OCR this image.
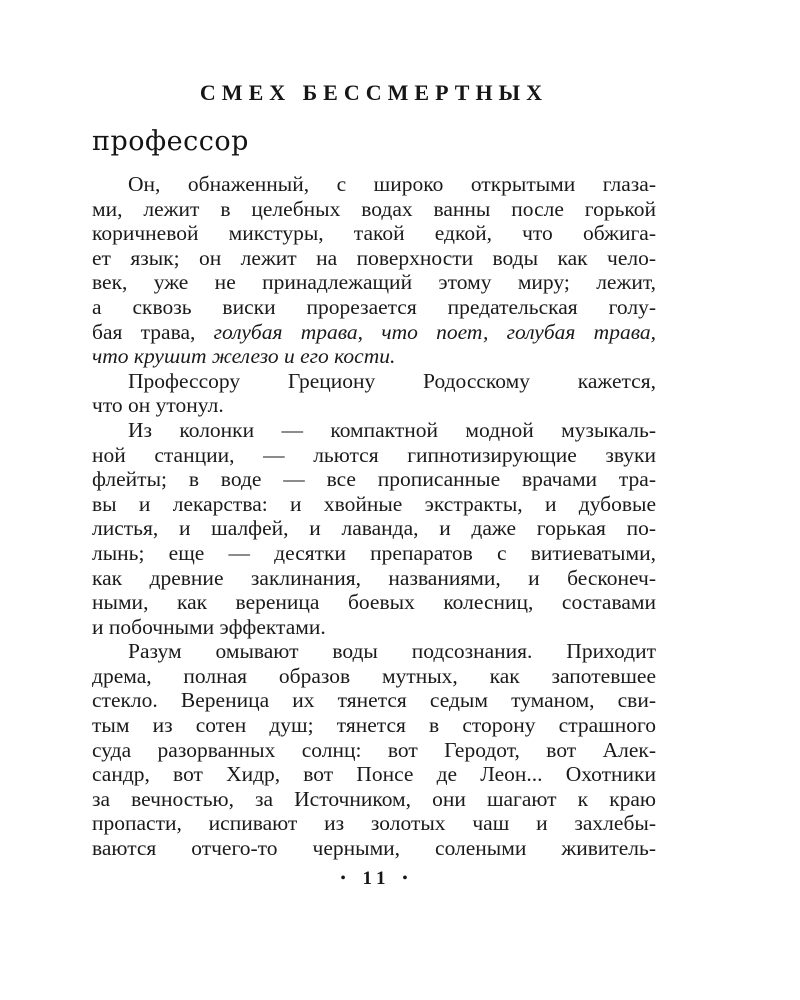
СМЕХ БЕССМЕРТНЫХ
профессор
Он, обнаженный, с широко открытыми глаза-
ми, лежит в целебных водах ванны после горькой
коричневой микстуры, такой едкой, что обжига-
ет язык; он лежит на поверхности воды как чело-
век, уже не принадлежащий этому миру; лежит,
а сквозь виски прорезается предательская голу-
бая трава, голубая трава, что поет, голубая трава,
что крушит железо и его кости.
Профессору Грециону Родосскому кажется,
что он утонул.
Из колонки — компактной модной музыкаль-
ной станции, — льются гипнотизирующие звуки
флейты; в воде — все прописанные врачами тра-
вы и лекарства: и хвойные экстракты, и дубовые
листья, и шалфей, и лаванда, и даже горькая по-
лынь; еще — десятки препаратов с витиеватыми,
как древние заклинания, названиями, и бесконеч-
ными, как вереница боевых колесниц, составами
и побочными эффектами.
Разум омывают воды подсознания. Приходит
дрема, полная образов мутных, как запотевшее
стекло. Вереница их тянется седым туманом, сви-
тым из сотен душ; тянется в сторону страшного
суда разорванных солнц: вот Геродот, вот Алек-
сандр, вот Хидр, вот Понсе де Леон... Охотники
за вечностью, за Источником, они шагают к краю
пропасти, испивают из золотых чаш и захлебы-
ваются отчего-то черными, солеными живитель-
• 11 •
